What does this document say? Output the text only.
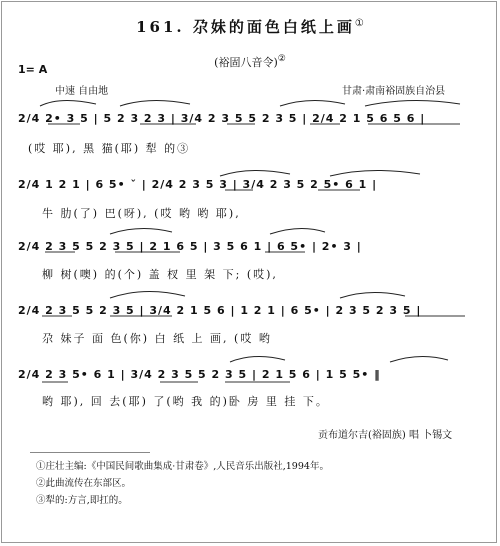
161. 尕妹的面色白纸上画①
(裕固八音令)②
1= A
中速 自由地	甘肃·肃南裕固族自治县
2/4 2• 3 5 | 5 2 3 2 3 | 3/4 2 3 5 5 2 3 5 | 2/4 2 1 5 6 5 6 |
(哎 耶), 黑 猫(耶) 犁 的③
2/4 1 2 1 | 6 5• ˇ | 2/4 2 3 5 3 | 3/4 2 3 5 2 5• 6 1 |
牛 肋(了) 巴(呀), (哎 哟 哟 耶),
2/4 2 3 5 5 2 3 5 | 2 1 6 5 | 3 5 6 1 | 6 5• | 2• 3 |
柳 树(噢) 的(个) 盖 杈 里 架 下; (哎),
2/4 2 3 5 5 2 3 5 | 3/4 2 1 5 6 | 1 2 1 | 6 5• | 2 3 5 2 3 5 |
尕 妹子 面 色(你) 白 纸 上 画, (哎 哟
2/4 2 3 5• 6 1 | 3/4 2 3 5 5 2 3 5 | 2 1 5 6 | 1 5 5• ‖
哟 耶), 回 去(耶) 了(哟 我 的)卧 房 里 挂 下。
贡布道尔吉(裕固族) 唱 卜锡文
①庄壮主编:《中国民间歌曲集成·甘肃卷》,人民音乐出版社,1994年。
②此曲流传在东部区。
③犁的:方言,即扛的。
